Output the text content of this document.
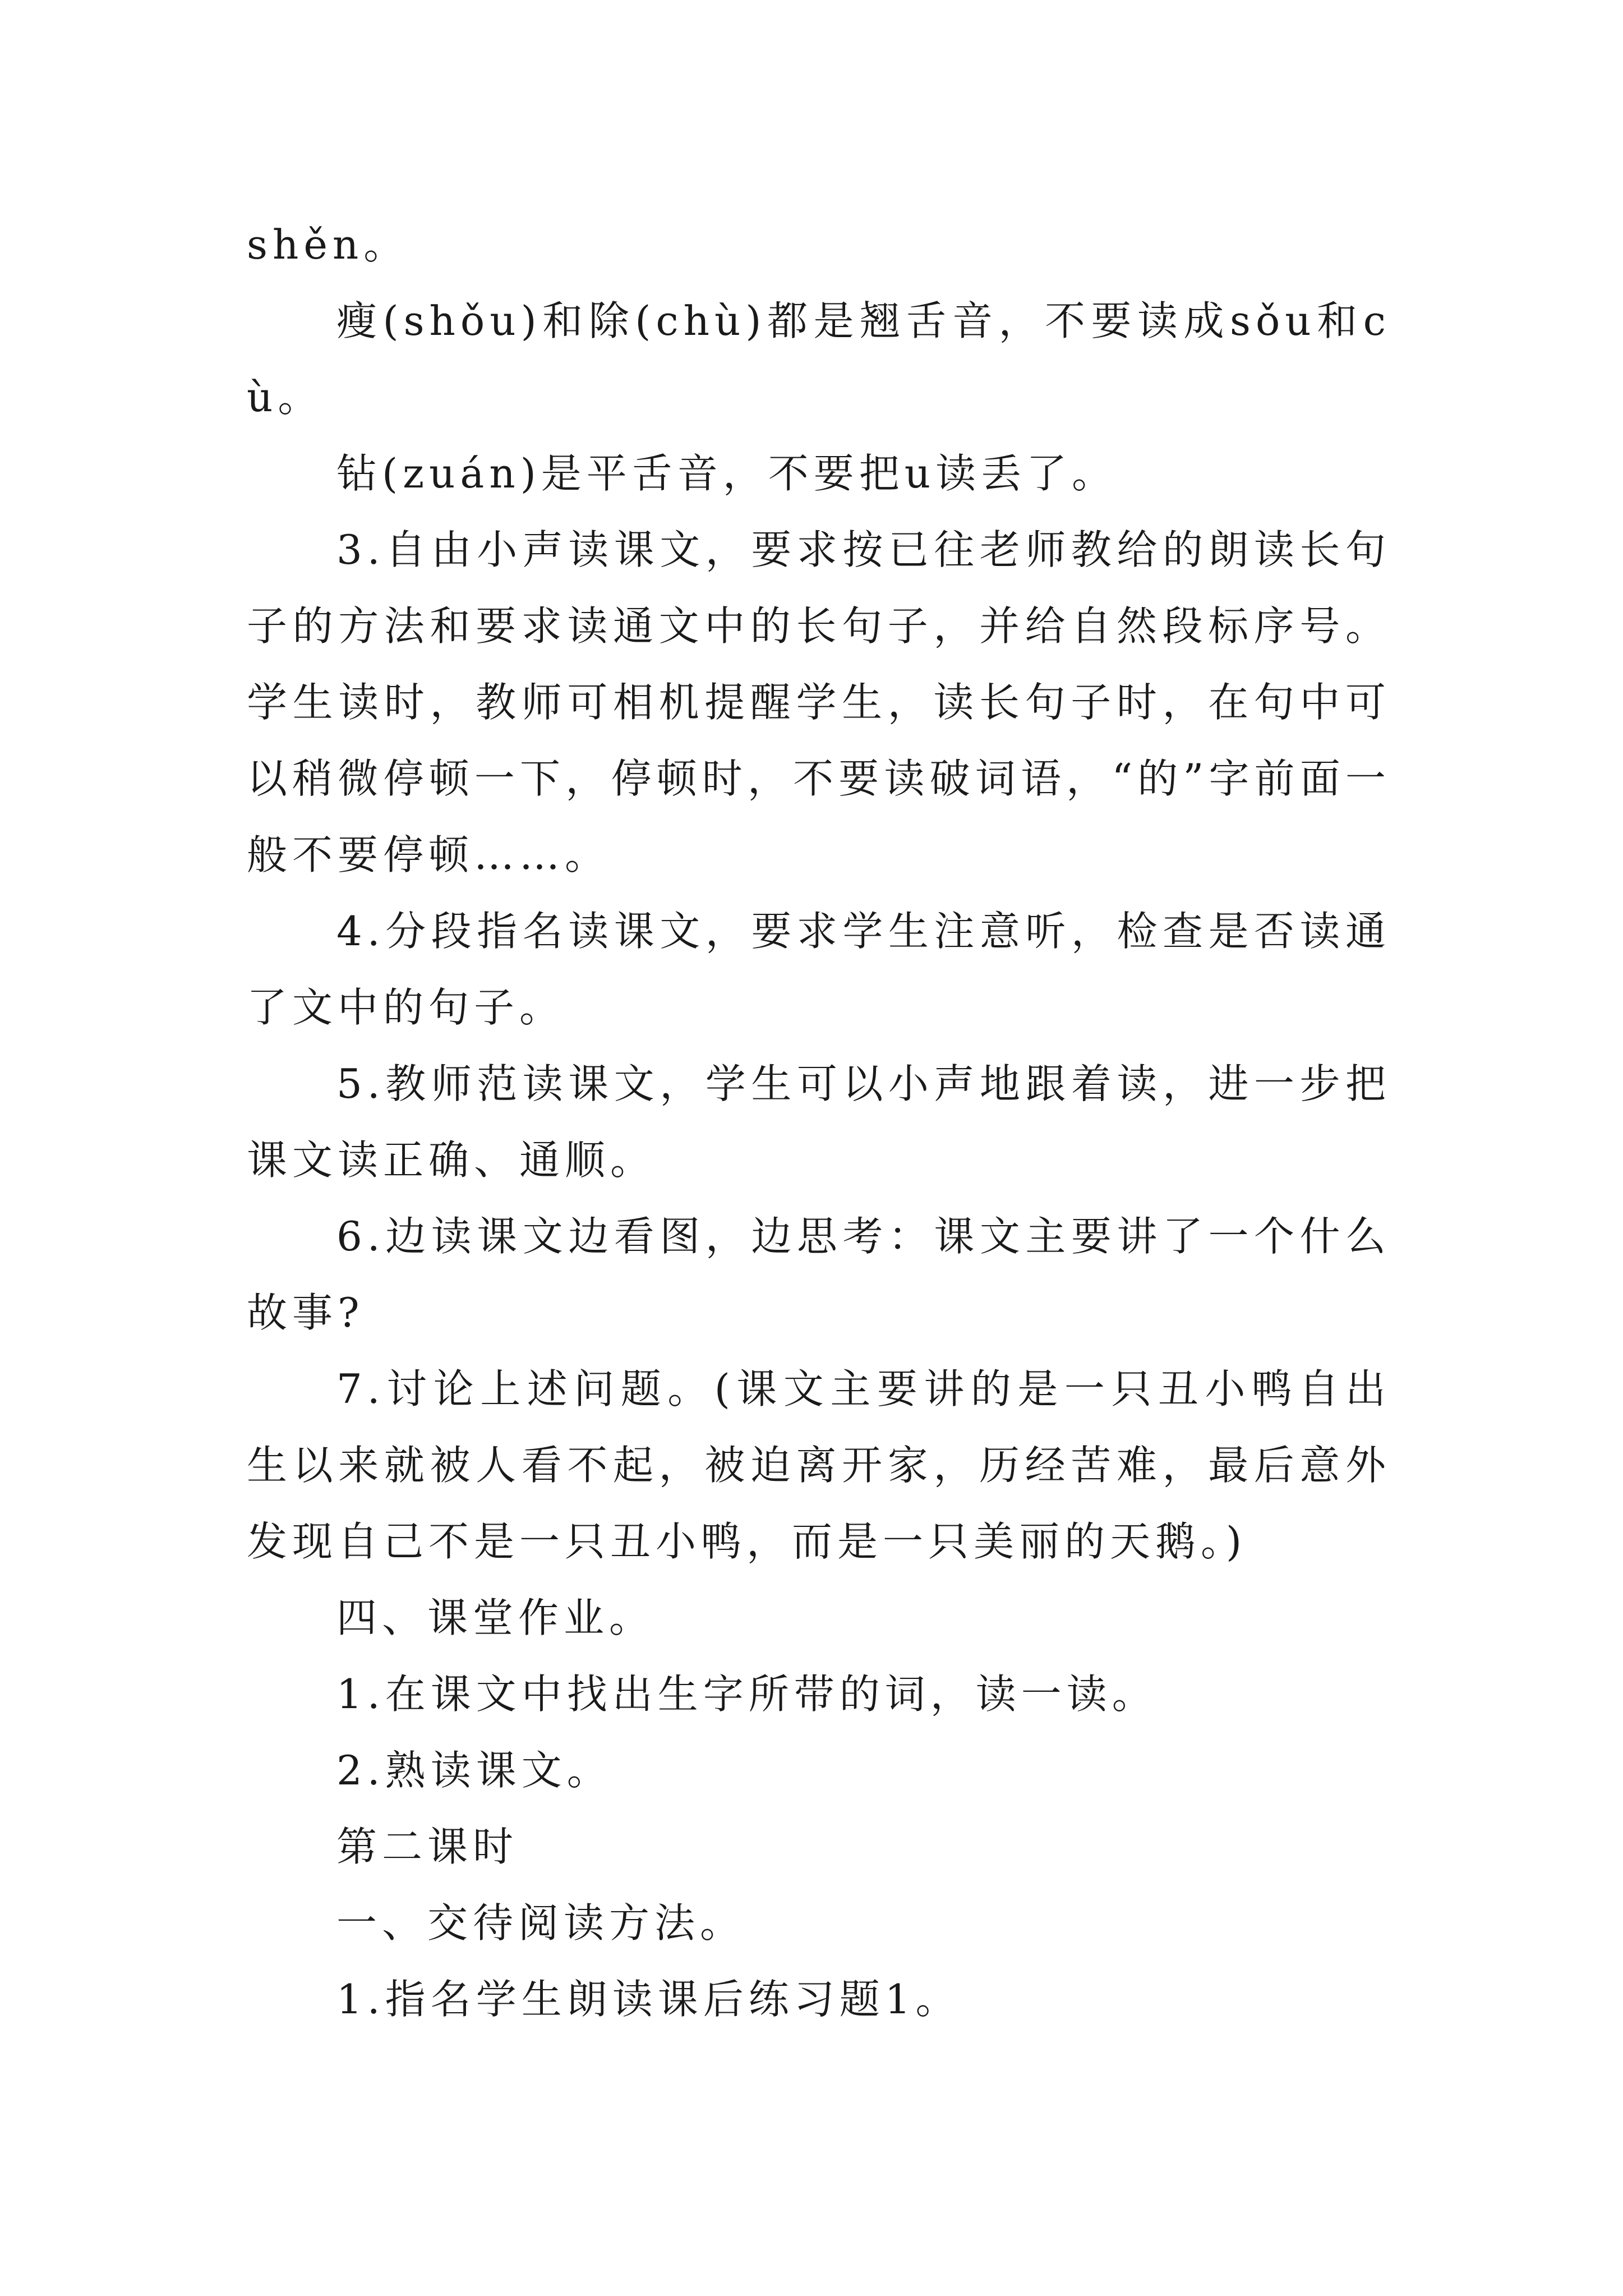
shěn。

瘦(shǒu)和除(chù)都是翘舌音，不要读成sǒu和cù。

钻(zuán)是平舌音，不要把u读丢了。

3.自由小声读课文，要求按已往老师教给的朗读长句子的方法和要求读通文中的长句子，并给自然段标序号。学生读时，教师可相机提醒学生，读长句子时，在句中可以稍微停顿一下，停顿时，不要读破词语，“的”字前面一般不要停顿……。

4.分段指名读课文，要求学生注意听，检查是否读通了文中的句子。

5.教师范读课文，学生可以小声地跟着读，进一步把课文读正确、通顺。

6.边读课文边看图，边思考：课文主要讲了一个什么故事?

7.讨论上述问题。(课文主要讲的是一只丑小鸭自出生以来就被人看不起，被迫离开家，历经苦难，最后意外发现自己不是一只丑小鸭，而是一只美丽的天鹅。)

四、课堂作业。

1.在课文中找出生字所带的词，读一读。

2.熟读课文。

第二课时

一、交待阅读方法。

1.指名学生朗读课后练习题1。
